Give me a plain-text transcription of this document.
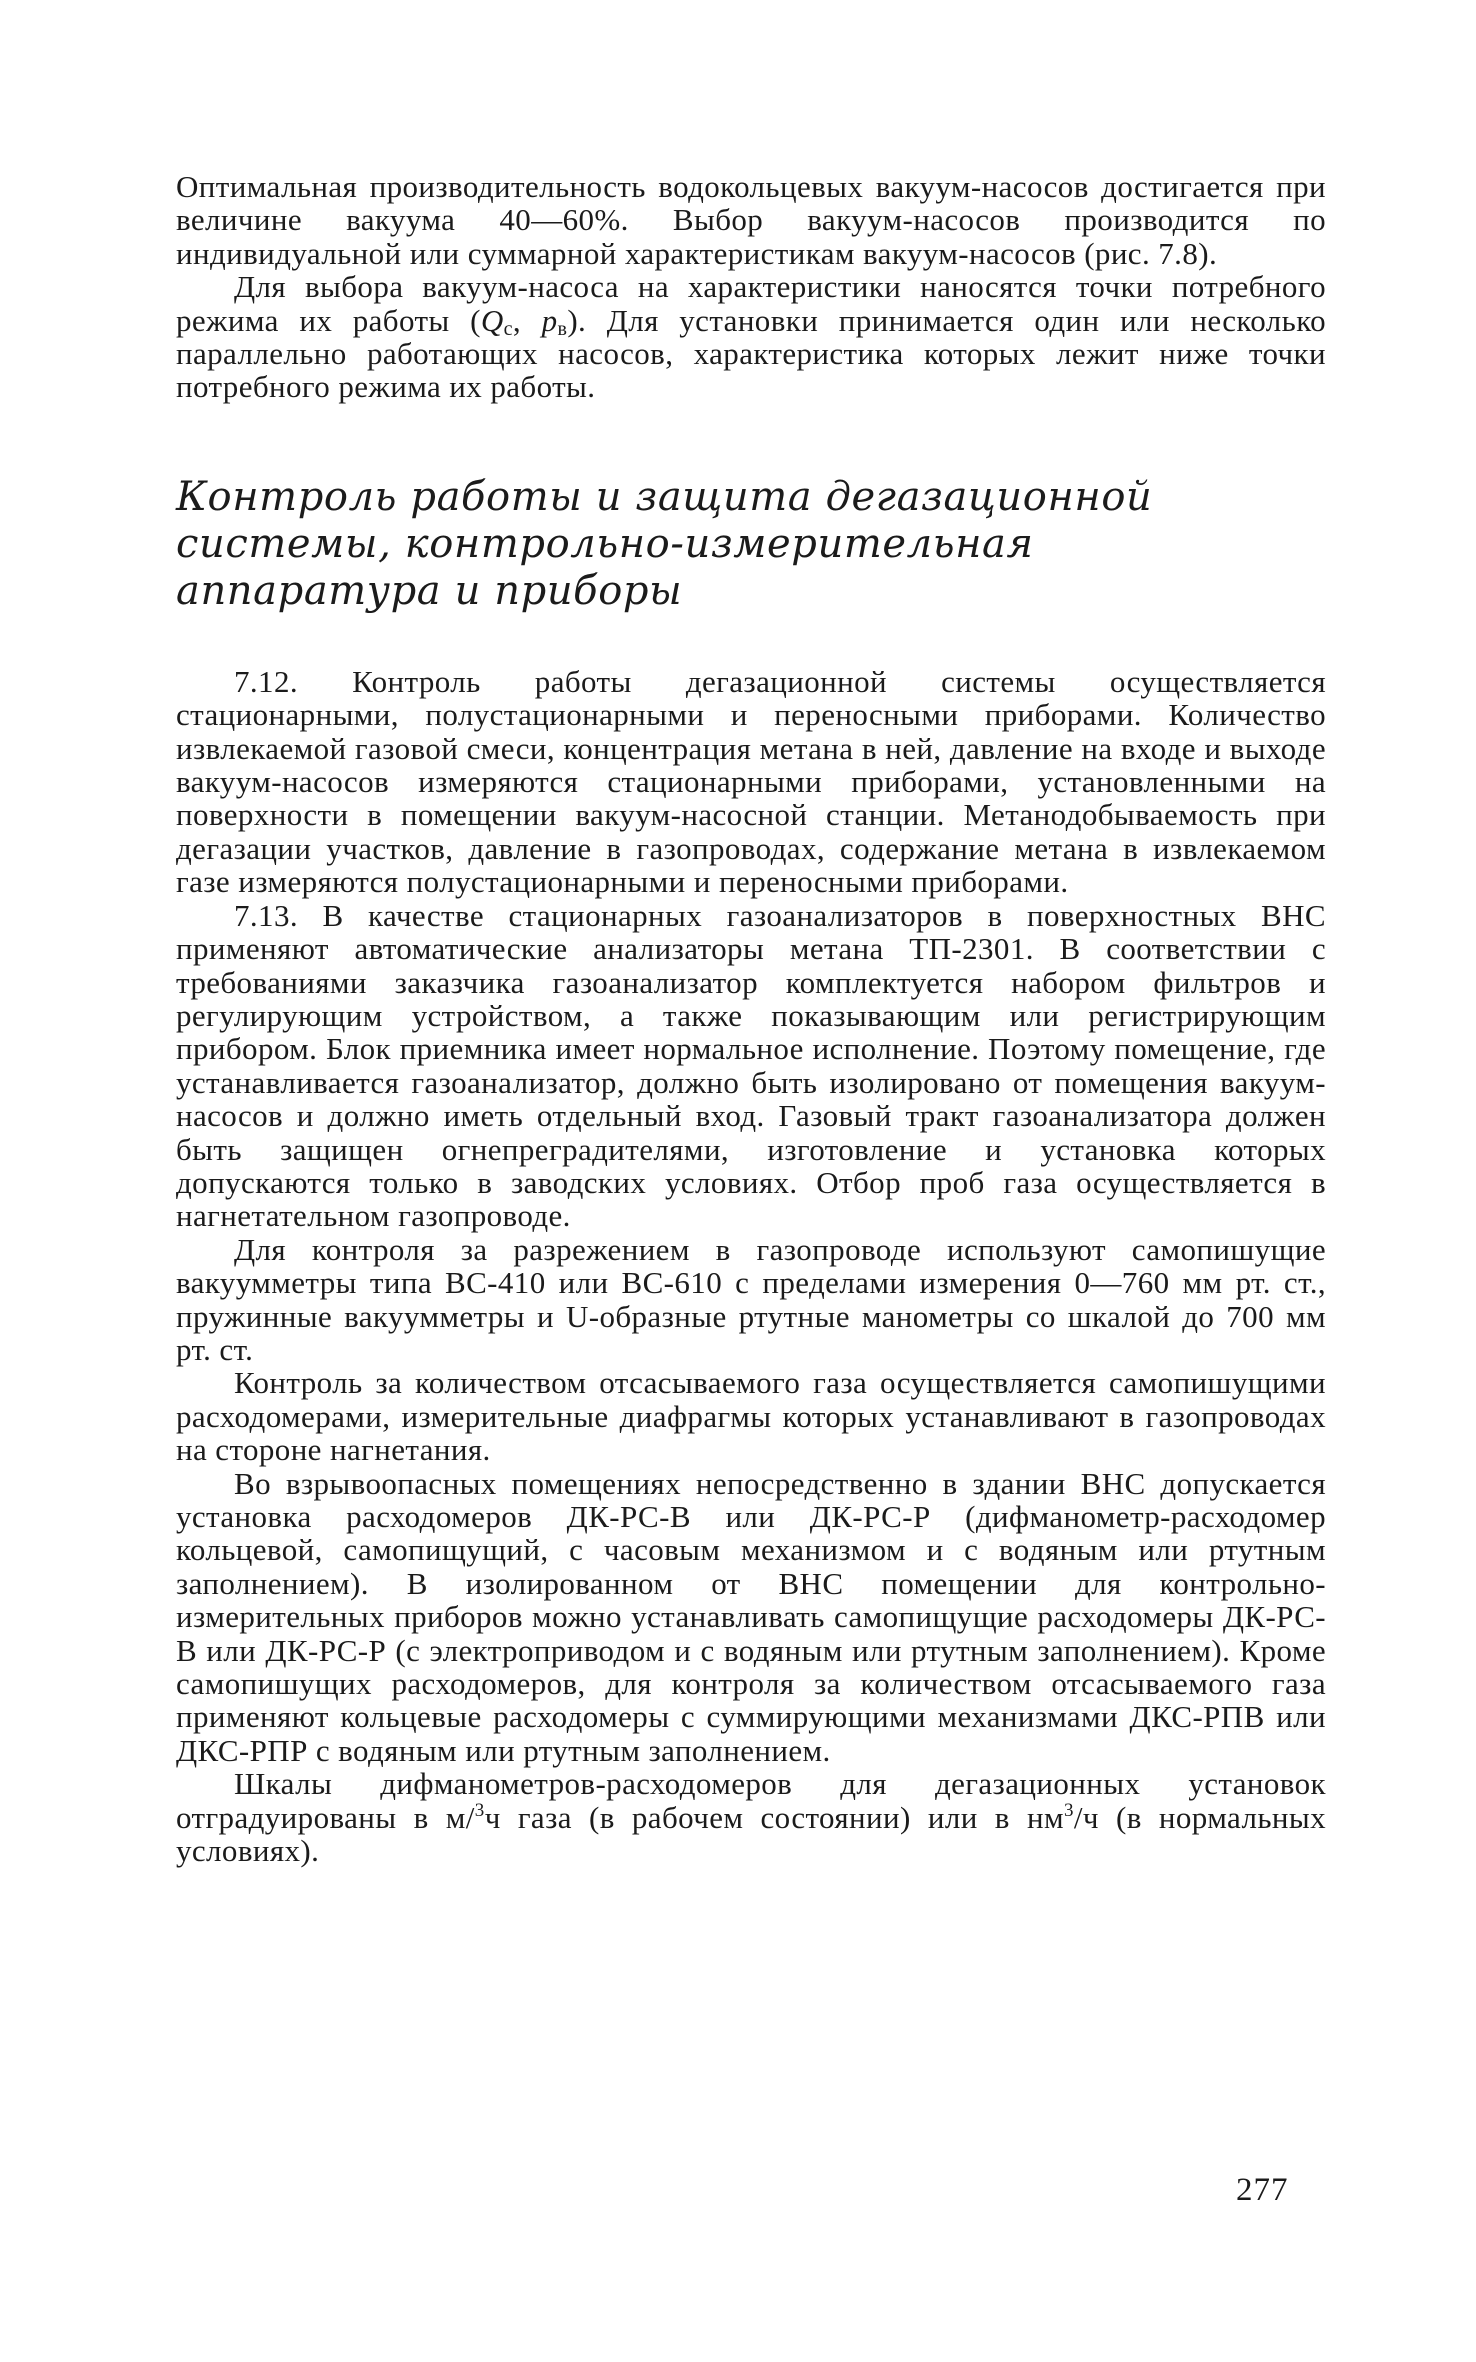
Оптимальная производительность водокольцевых вакуум-насосов достигается при величине вакуума 40—60%. Выбор вакуум-насосов производится по индивидуальной или суммарной характеристикам вакуум-насосов (рис. 7.8).

Для выбора вакуум-насоса на характеристики наносятся точки потребного режима их работы ($Q_с$, $p_в$). Для установки принимается один или несколько параллельно работающих насосов, характеристика которых лежит ниже точки потребного режима их работы.

Контроль работы и защита дегазационной системы, контрольно-измерительная аппаратура и приборы

7.12. Контроль работы дегазационной системы осуществляется стационарными, полустационарными и переносными приборами. Количество извлекаемой газовой смеси, концентрация метана в ней, давление на входе и выходе вакуум-насосов измеряются стационарными приборами, установленными на поверхности в помещении вакуум-насосной станции. Метанодобываемость при дегазации участков, давление в газопроводах, содержание метана в извлекаемом газе измеряются полустационарными и переносными приборами.

7.13. В качестве стационарных газоанализаторов в поверхностных ВНС применяют автоматические анализаторы метана ТП-2301. В соответствии с требованиями заказчика газоанализатор комплектуется набором фильтров и регулирующим устройством, а также показывающим или регистрирующим прибором. Блок приемника имеет нормальное исполнение. Поэтому помещение, где устанавливается газоанализатор, должно быть изолировано от помещения вакуум-насосов и должно иметь отдельный вход. Газовый тракт газоанализатора должен быть защищен огнепреградителями, изготовление и установка которых допускаются только в заводских условиях. Отбор проб газа осуществляется в нагнетательном газопроводе.

Для контроля за разрежением в газопроводе используют самопишущие вакуумметры типа ВС-410 или ВС-610 с пределами измерения 0—760 мм рт. ст., пружинные вакуумметры и U-образные ртутные манометры со шкалой до 700 мм рт. ст.

Контроль за количеством отсасываемого газа осуществляется самопишущими расходомерами, измерительные диафрагмы которых устанавливают в газопроводах на стороне нагнетания.

Во взрывоопасных помещениях непосредственно в здании ВНС допускается установка расходомеров ДК-РС-В или ДК-РС-Р (дифманометр-расходомер кольцевой, самопищущий, с часовым механизмом и с водяным или ртутным заполнением). В изолированном от ВНС помещении для контрольно-измерительных приборов можно устанавливать самопищущие расходомеры ДК-РС-В или ДК-РС-Р (с электроприводом и с водяным или ртутным заполнением). Кроме самопишущих расходомеров, для контроля за количеством отсасываемого газа применяют кольцевые расходомеры с суммирующими механизмами ДКС-РПВ или ДКС-РПР с водяным или ртутным заполнением.

Шкалы дифманометров-расходомеров для дегазационных установок отградуированы в м/$^3$ч газа (в рабочем состоянии) или в $нм^3/ч$ (в нормальных условиях).

277
